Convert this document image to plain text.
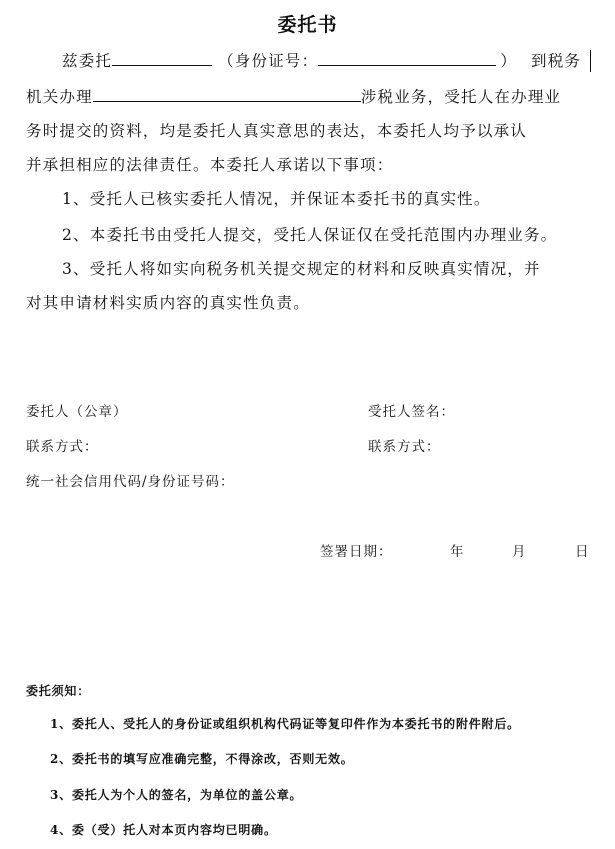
委托书
兹委托	（身份证号：	） 到税务
机关办理	涉税业务，受托人在办理业
务时提交的资料，均是委托人真实意思的表达，本委托人均予以承认
并承担相应的法律责任。本委托人承诺以下事项：
1、受托人已核实委托人情况，并保证本委托书的真实性。
2、本委托书由受托人提交，受托人保证仅在受托范围内办理业务。
3、受托人将如实向税务机关提交规定的材料和反映真实情况，并
对其申请材料实质内容的真实性负责。
委托人（公章）	受托人签名：
联系方式：	联系方式：
统一社会信用代码/身份证号码：
签署日期：	年	月	日
委托须知：
1、委托人、受托人的身份证或组织机构代码证等复印件作为本委托书的附件附后。
2、委托书的填写应准确完整，不得涂改，否则无效。
3、委托人为个人的签名，为单位的盖公章。
4、委（受）托人对本页内容均已明确。
